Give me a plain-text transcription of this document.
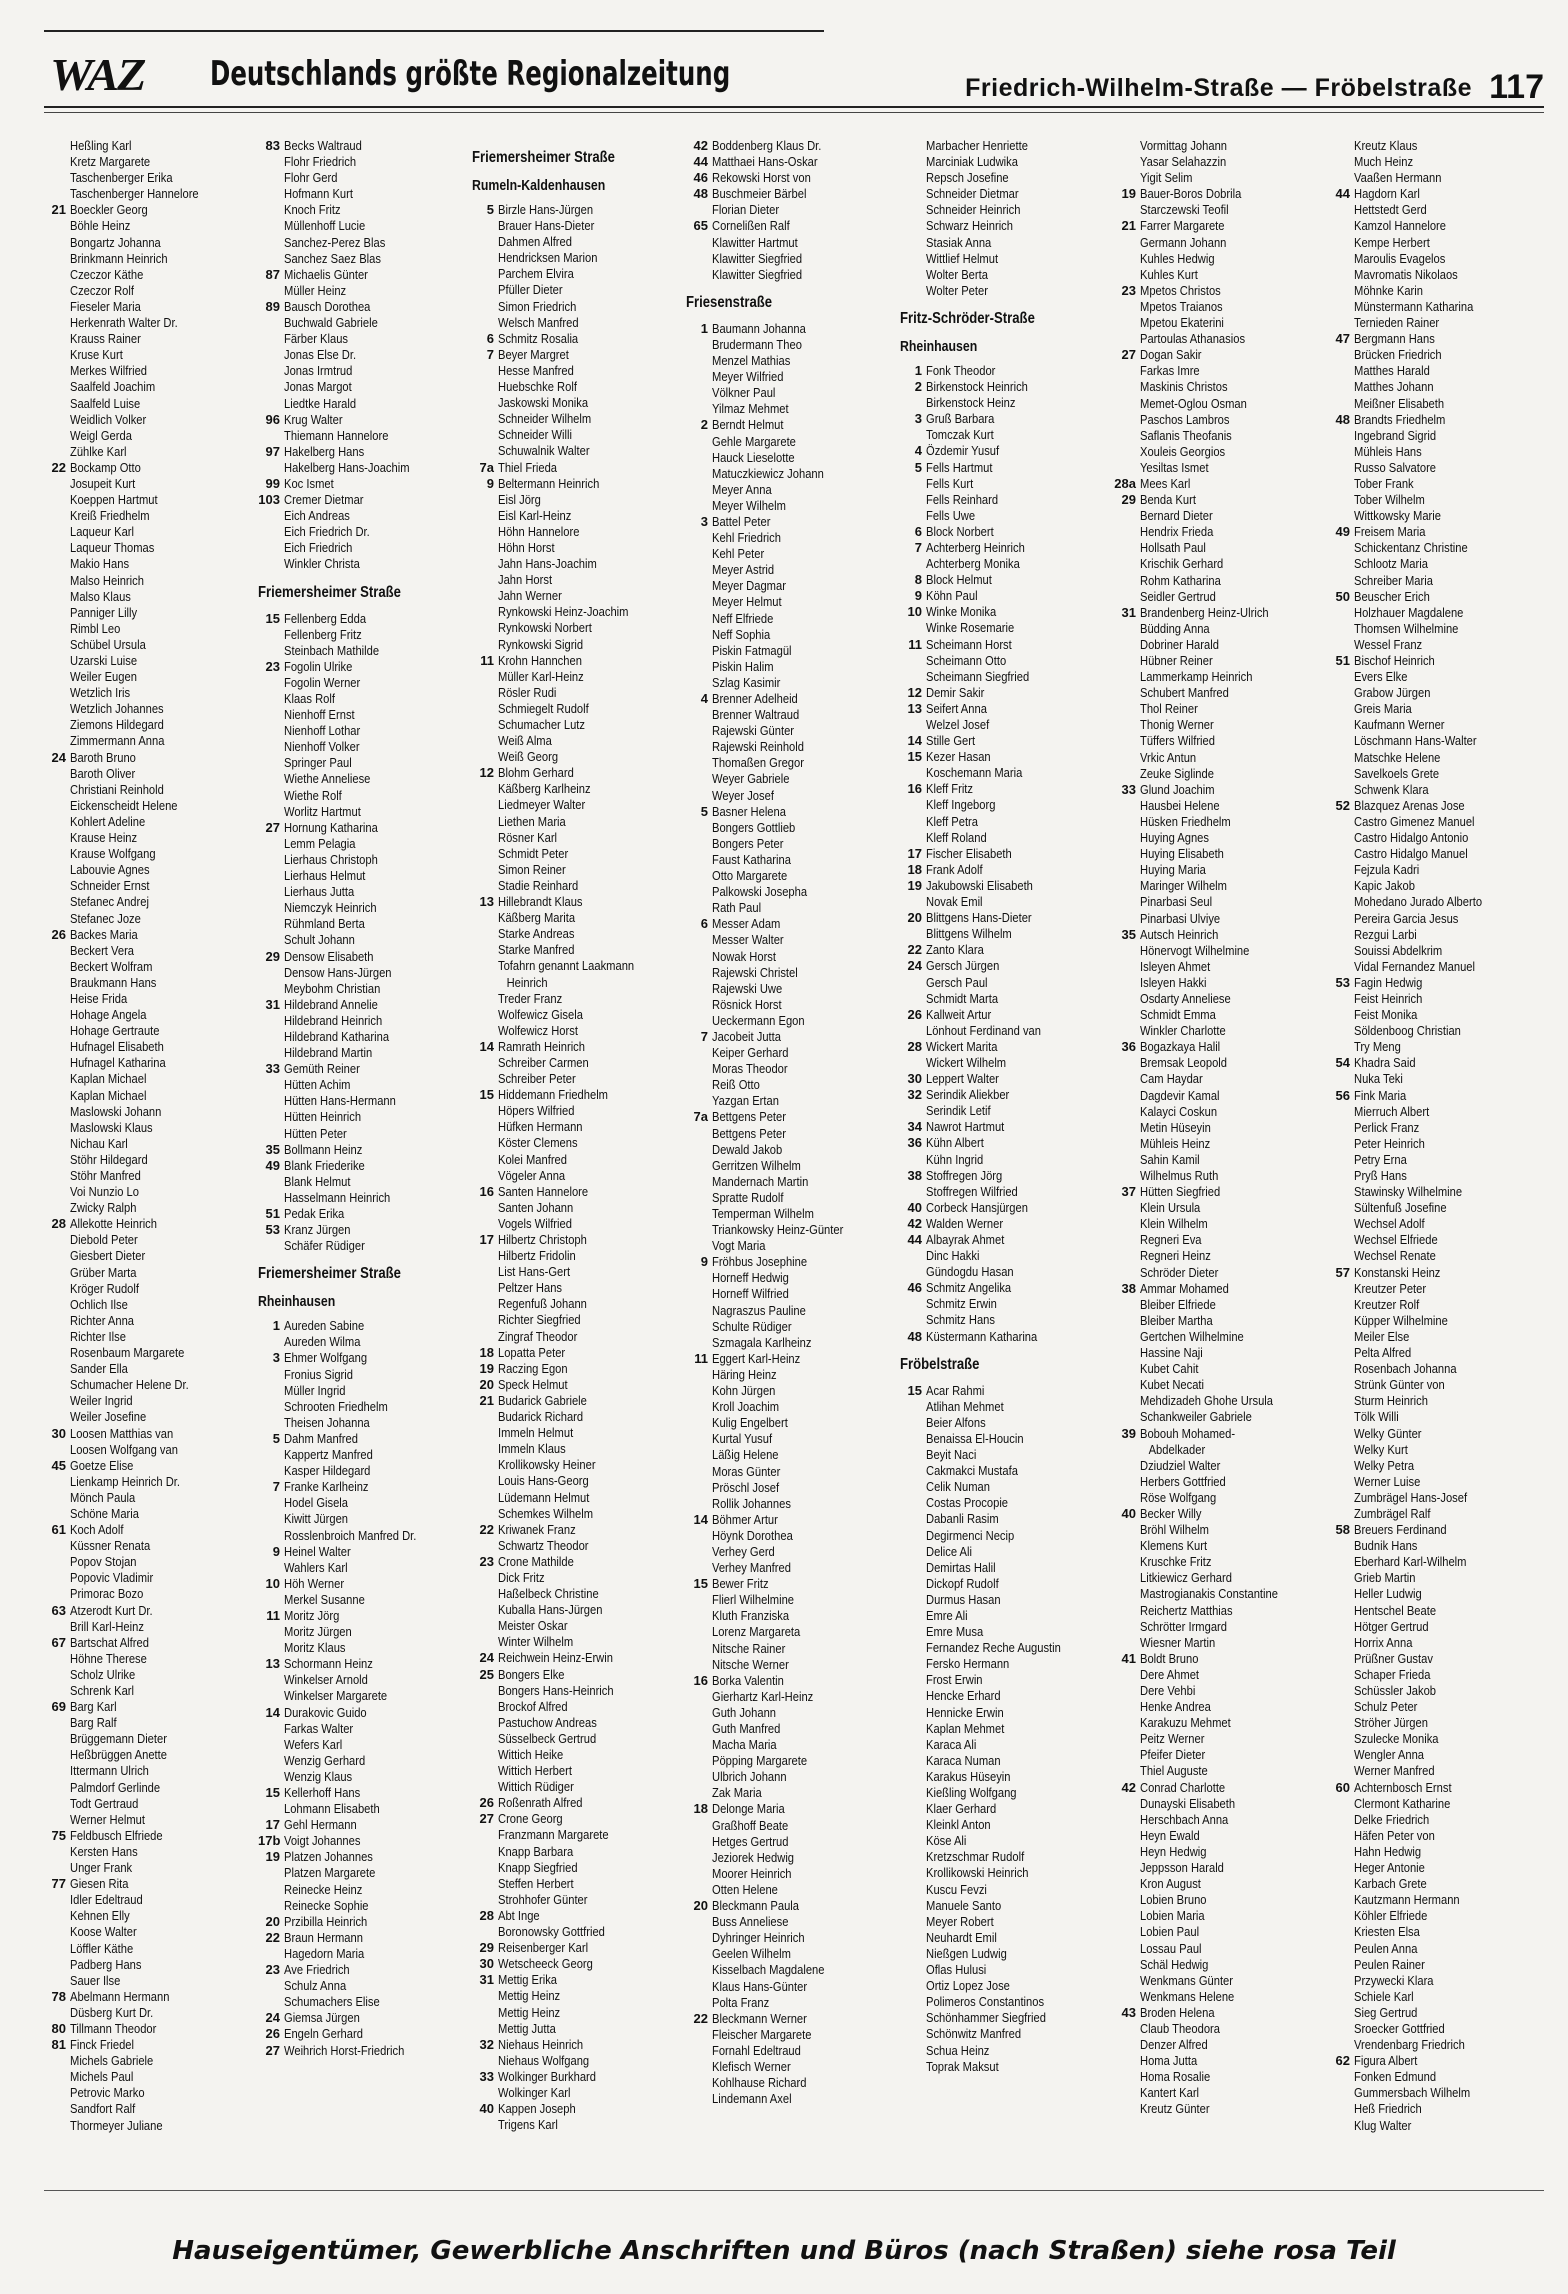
WAZ Deutschlands größte Regionalzeitung	Friedrich-Wilhelm-Straße — Fröbelstraße 117
Heßling Karl
Kretz Margarete
Taschenberger Erika
Taschenberger Hannelore
21 Boeckler Georg
Böhle Heinz
Bongartz Johanna
Brinkmann Heinrich
Czeczor Käthe
Czeczor Rolf
Fieseler Maria
Herkenrath Walter Dr.
Krauss Rainer
Kruse Kurt
Merkes Wilfried
Saalfeld Joachim
Saalfeld Luise
Weidlich Volker
Weigl Gerda
Zühlke Karl
22 Bockamp Otto
Josupeit Kurt
Koeppen Hartmut
Kreiß Friedhelm
Laqueur Karl
Laqueur Thomas
Makio Hans
Malso Heinrich
Malso Klaus
Panniger Lilly
Rimbl Leo
Schübel Ursula
Uzarski Luise
Weiler Eugen
Wetzlich Iris
Wetzlich Johannes
Ziemons Hildegard
Zimmermann Anna
24 Baroth Bruno
Baroth Oliver
Christiani Reinhold
Eickenscheidt Helene
Kohlert Adeline
Krause Heinz
Krause Wolfgang
Labouvie Agnes
Schneider Ernst
Stefanec Andrej
Stefanec Joze
26 Backes Maria
Beckert Vera
Beckert Wolfram
Braukmann Hans
Heise Frida
Hohage Angela
Hohage Gertraute
Hufnagel Elisabeth
Hufnagel Katharina
Kaplan Michael
Kaplan Michael
Maslowski Johann
Maslowski Klaus
Nichau Karl
Stöhr Hildegard
Stöhr Manfred
Voi Nunzio Lo
Zwicky Ralph
28 Allekotte Heinrich
Diebold Peter
Giesbert Dieter
Grüber Marta
Kröger Rudolf
Ochlich Ilse
Richter Anna
Richter Ilse
Rosenbaum Margarete
Sander Ella
Schumacher Helene Dr.
Weiler Ingrid
Weiler Josefine
30 Loosen Matthias van
Loosen Wolfgang van
45 Goetze Elise
Lienkamp Heinrich Dr.
Mönch Paula
Schöne Maria
61 Koch Adolf
Küssner Renata
Popov Stojan
Popovic Vladimir
Primorac Bozo
63 Atzerodt Kurt Dr.
Brill Karl-Heinz
67 Bartschat Alfred
Höhne Therese
Scholz Ulrike
Schrenk Karl
69 Barg Karl
Barg Ralf
Brüggemann Dieter
Heßbrüggen Anette
Ittermann Ulrich
Palmdorf Gerlinde
Todt Gertraud
Werner Helmut
75 Feldbusch Elfriede
Kersten Hans
Unger Frank
77 Giesen Rita
Idler Edeltraud
Kehnen Elly
Koose Walter
Löffler Käthe
Padberg Hans
Sauer Ilse
78 Abelmann Hermann
Düsberg Kurt Dr.
80 Tillmann Theodor
81 Finck Friedel
Michels Gabriele
Michels Paul
Petrovic Marko
Sandfort Ralf
Thormeyer Juliane
83 Becks Waltraud
Flohr Friedrich
Flohr Gerd
Hofmann Kurt
Knoch Fritz
Müllenhoff Lucie
Sanchez-Perez Blas
Sanchez Saez Blas
87 Michaelis Günter
Müller Heinz
89 Bausch Dorothea
Buchwald Gabriele
Färber Klaus
Jonas Else Dr.
Jonas Irmtrud
Jonas Margot
Liedtke Harald
96 Krug Walter
Thiemann Hannelore
97 Hakelberg Hans
Hakelberg Hans-Joachim
99 Koc Ismet
103 Cremer Dietmar
Eich Andreas
Eich Friedrich Dr.
Eich Friedrich
Winkler Christa
Friemersheimer Straße
15 Fellenberg Edda
Fellenberg Fritz
Steinbach Mathilde
23 Fogolin Ulrike
Fogolin Werner
Klaas Rolf
Nienhoff Ernst
Nienhoff Lothar
Nienhoff Volker
Springer Paul
Wiethe Anneliese
Wiethe Rolf
Worlitz Hartmut
27 Hornung Katharina
Lemm Pelagia
Lierhaus Christoph
Lierhaus Helmut
Lierhaus Jutta
Niemczyk Heinrich
Rühmland Berta
Schult Johann
29 Densow Elisabeth
Densow Hans-Jürgen
Meybohm Christian
31 Hildebrand Annelie
Hildebrand Heinrich
Hildebrand Katharina
Hildebrand Martin
33 Gemüth Reiner
Hütten Achim
Hütten Hans-Hermann
Hütten Heinrich
Hütten Peter
35 Bollmann Heinz
49 Blank Friederike
Blank Helmut
Hasselmann Heinrich
51 Pedak Erika
53 Kranz Jürgen
Schäfer Rüdiger
Friemersheimer Straße
Rheinhausen
1 Aureden Sabine
Aureden Wilma
3 Ehmer Wolfgang
Fronius Sigrid
Müller Ingrid
Schrooten Friedhelm
Theisen Johanna
5 Dahm Manfred
Kappertz Manfred
Kasper Hildegard
7 Franke Karlheinz
Hodel Gisela
Kiwitt Jürgen
Rosslenbroich Manfred Dr.
9 Heinel Walter
Wahlers Karl
10 Höh Werner
Merkel Susanne
11 Moritz Jörg
Moritz Jürgen
Moritz Klaus
13 Schormann Heinz
Winkelser Arnold
Winkelser Margarete
14 Durakovic Guido
Farkas Walter
Wefers Karl
Wenzig Gerhard
Wenzig Klaus
15 Kellerhoff Hans
Lohmann Elisabeth
17 Gehl Hermann
17b Voigt Johannes
19 Platzen Johannes
Platzen Margarete
Reinecke Heinz
Reinecke Sophie
20 Przibilla Heinrich
22 Braun Hermann
Hagedorn Maria
23 Ave Friedrich
Schulz Anna
Schumachers Elise
24 Giemsa Jürgen
26 Engeln Gerhard
27 Weihrich Horst-Friedrich
Friemersheimer Straße
Rumeln-Kaldenhausen
5 Birzle Hans-Jürgen
Brauer Hans-Dieter
Dahmen Alfred
Hendricksen Marion
Parchem Elvira
Pfüller Dieter
Simon Friedrich
Welsch Manfred
6 Schmitz Rosalia
7 Beyer Margret
Hesse Manfred
Huebschke Rolf
Jaskowski Monika
Schneider Wilhelm
Schneider Willi
Schuwalnik Walter
7a Thiel Frieda
9 Beltermann Heinrich
Eisl Jörg
Eisl Karl-Heinz
Höhn Hannelore
Höhn Horst
Jahn Hans-Joachim
Jahn Horst
Jahn Werner
Rynkowski Heinz-Joachim
Rynkowski Norbert
Rynkowski Sigrid
11 Krohn Hannchen
Müller Karl-Heinz
Rösler Rudi
Schmiegelt Rudolf
Schumacher Lutz
Weiß Alma
Weiß Georg
12 Blohm Gerhard
Käßberg Karlheinz
Liedmeyer Walter
Liethen Maria
Rösner Karl
Schmidt Peter
Simon Reiner
Stadie Reinhard
13 Hillebrandt Klaus
Käßberg Marita
Starke Andreas
Starke Manfred
Tofahrn genannt Laakmann
Heinrich
Treder Franz
Wolfewicz Gisela
Wolfewicz Horst
14 Ramrath Heinrich
Schreiber Carmen
Schreiber Peter
15 Hiddemann Friedhelm
Höpers Wilfried
Hüfken Hermann
Köster Clemens
Kolei Manfred
Vögeler Anna
16 Santen Hannelore
Santen Johann
Vogels Wilfried
17 Hilbertz Christoph
Hilbertz Fridolin
List Hans-Gert
Peltzer Hans
Regenfuß Johann
Richter Siegfried
Zingraf Theodor
18 Lopatta Peter
19 Raczing Egon
20 Speck Helmut
21 Budarick Gabriele
Budarick Richard
Immeln Helmut
Immeln Klaus
Krollikowsky Heiner
Louis Hans-Georg
Lüdemann Helmut
Schemkes Wilhelm
22 Kriwanek Franz
Schwartz Theodor
23 Crone Mathilde
Dick Fritz
Haßelbeck Christine
Kuballa Hans-Jürgen
Meister Oskar
Winter Wilhelm
24 Reichwein Heinz-Erwin
25 Bongers Elke
Bongers Hans-Heinrich
Brockof Alfred
Pastuchow Andreas
Süsselbeck Gertrud
Wittich Heike
Wittich Herbert
Wittich Rüdiger
26 Roßenrath Alfred
27 Crone Georg
Franzmann Margarete
Knapp Barbara
Knapp Siegfried
Steffen Herbert
Strohhofer Günter
28 Abt Inge
Boronowsky Gottfried
29 Reisenberger Karl
30 Wetscheeck Georg
31 Mettig Erika
Mettig Heinz
Mettig Heinz
Mettig Jutta
32 Niehaus Heinrich
Niehaus Wolfgang
33 Wolkinger Burkhard
Wolkinger Karl
40 Kappen Joseph
Trigens Karl
42 Boddenberg Klaus Dr.
44 Matthaei Hans-Oskar
46 Rekowski Horst von
48 Buschmeier Bärbel
Florian Dieter
65 Cornelißen Ralf
Klawitter Hartmut
Klawitter Siegfried
Klawitter Siegfried
Friesenstraße
1 Baumann Johanna
Brudermann Theo
Menzel Mathias
Meyer Wilfried
Völkner Paul
Yilmaz Mehmet
2 Berndt Helmut
Gehle Margarete
Hauck Lieselotte
Matuczkiewicz Johann
Meyer Anna
Meyer Wilhelm
3 Battel Peter
Kehl Friedrich
Kehl Peter
Meyer Astrid
Meyer Dagmar
Meyer Helmut
Neff Elfriede
Neff Sophia
Piskin Fatmagül
Piskin Halim
Szlag Kasimir
4 Brenner Adelheid
Brenner Waltraud
Rajewski Günter
Rajewski Reinhold
Thomaßen Gregor
Weyer Gabriele
Weyer Josef
5 Basner Helena
Bongers Gottlieb
Bongers Peter
Faust Katharina
Otto Margarete
Palkowski Josepha
Rath Paul
6 Messer Adam
Messer Walter
Nowak Horst
Rajewski Christel
Rajewski Uwe
Rösnick Horst
Ueckermann Egon
7 Jacobeit Jutta
Keiper Gerhard
Moras Theodor
Reiß Otto
Yazgan Ertan
7a Bettgens Peter
Bettgens Peter
Dewald Jakob
Gerritzen Wilhelm
Mandernach Martin
Spratte Rudolf
Temperman Wilhelm
Triankowsky Heinz-Günter
Vogt Maria
9 Fröhbus Josephine
Horneff Hedwig
Horneff Wilfried
Nagraszus Pauline
Schulte Rüdiger
Szmagala Karlheinz
11 Eggert Karl-Heinz
Häring Heinz
Kohn Jürgen
Kroll Joachim
Kulig Engelbert
Kurtal Yusuf
Läßig Helene
Moras Günter
Pröschl Josef
Rollik Johannes
14 Böhmer Artur
Höynk Dorothea
Verhey Gerd
Verhey Manfred
15 Bewer Fritz
Flierl Wilhelmine
Kluth Franziska
Lorenz Margareta
Nitsche Rainer
Nitsche Werner
16 Borka Valentin
Gierhartz Karl-Heinz
Guth Johann
Guth Manfred
Macha Maria
Pöpping Margarete
Ulbrich Johann
Zak Maria
18 Delonge Maria
Graßhoff Beate
Hetges Gertrud
Jeziorek Hedwig
Moorer Heinrich
Otten Helene
20 Bleckmann Paula
Buss Anneliese
Dyhringer Heinrich
Geelen Wilhelm
Kisselbach Magdalene
Klaus Hans-Günter
Polta Franz
22 Bleckmann Werner
Fleischer Margarete
Fornahl Edeltraud
Klefisch Werner
Kohlhause Richard
Lindemann Axel
Marbacher Henriette
Marciniak Ludwika
Repsch Josefine
Schneider Dietmar
Schneider Heinrich
Schwarz Heinrich
Stasiak Anna
Wittlief Helmut
Wolter Berta
Wolter Peter
Fritz-Schröder-Straße
Rheinhausen
1 Fonk Theodor
2 Birkenstock Heinrich
Birkenstock Heinz
3 Gruß Barbara
Tomczak Kurt
4 Özdemir Yusuf
5 Fells Hartmut
Fells Kurt
Fells Reinhard
Fells Uwe
6 Block Norbert
7 Achterberg Heinrich
Achterberg Monika
8 Block Helmut
9 Köhn Paul
10 Winke Monika
Winke Rosemarie
11 Scheimann Horst
Scheimann Otto
Scheimann Siegfried
12 Demir Sakir
13 Seifert Anna
Welzel Josef
14 Stille Gert
15 Kezer Hasan
Koschemann Maria
16 Kleff Fritz
Kleff Ingeborg
Kleff Petra
Kleff Roland
17 Fischer Elisabeth
18 Frank Adolf
19 Jakubowski Elisabeth
Novak Emil
20 Blittgens Hans-Dieter
Blittgens Wilhelm
22 Zanto Klara
24 Gersch Jürgen
Gersch Paul
Schmidt Marta
26 Kallweit Artur
Lönhout Ferdinand van
28 Wickert Marita
Wickert Wilhelm
30 Leppert Walter
32 Serindik Aliekber
Serindik Letif
34 Nawrot Hartmut
36 Kühn Albert
Kühn Ingrid
38 Stoffregen Jörg
Stoffregen Wilfried
40 Corbeck Hansjürgen
42 Walden Werner
44 Albayrak Ahmet
Dinc Hakki
Gündogdu Hasan
46 Schmitz Angelika
Schmitz Erwin
Schmitz Hans
48 Küstermann Katharina
Fröbelstraße
15 Acar Rahmi
Atlihan Mehmet
Beier Alfons
Benaissa El-Houcin
Beyit Naci
Cakmakci Mustafa
Celik Numan
Costas Procopie
Dabanli Rasim
Degirmenci Necip
Delice Ali
Demirtas Halil
Dickopf Rudolf
Durmus Hasan
Emre Ali
Emre Musa
Fernandez Reche Augustin
Fersko Hermann
Frost Erwin
Hencke Erhard
Hennicke Erwin
Kaplan Mehmet
Karaca Ali
Karaca Numan
Karakus Hüseyin
Kießling Wolfgang
Klaer Gerhard
Kleinkl Anton
Köse Ali
Kretzschmar Rudolf
Krollikowski Heinrich
Kuscu Fevzi
Manuele Santo
Meyer Robert
Neuhardt Emil
Nießgen Ludwig
Oflas Hulusi
Ortiz Lopez Jose
Polimeros Constantinos
Schönhammer Siegfried
Schönwitz Manfred
Schua Heinz
Toprak Maksut
Vormittag Johann
Yasar Selahazzin
Yigit Selim
19 Bauer-Boros Dobrila
Starczewski Teofil
21 Farrer Margarete
Germann Johann
Kuhles Hedwig
Kuhles Kurt
23 Mpetos Christos
Mpetos Traianos
Mpetou Ekaterini
Partoulas Athanasios
27 Dogan Sakir
Farkas Imre
Maskinis Christos
Memet-Oglou Osman
Paschos Lambros
Saflanis Theofanis
Xouleis Georgios
Yesiltas Ismet
28a Mees Karl
29 Benda Kurt
Bernard Dieter
Hendrix Frieda
Hollsath Paul
Krischik Gerhard
Rohm Katharina
Seidler Gertrud
31 Brandenberg Heinz-Ulrich
Büdding Anna
Dobriner Harald
Hübner Reiner
Lammerkamp Heinrich
Schubert Manfred
Thol Reiner
Thonig Werner
Tüffers Wilfried
Vrkic Antun
Zeuke Siglinde
33 Glund Joachim
Hausbei Helene
Hüsken Friedhelm
Huying Agnes
Huying Elisabeth
Huying Maria
Maringer Wilhelm
Pinarbasi Seul
Pinarbasi Ulviye
35 Autsch Heinrich
Hönervogt Wilhelmine
Isleyen Ahmet
Isleyen Hakki
Osdarty Anneliese
Schmidt Emma
Winkler Charlotte
36 Bogazkaya Halil
Bremsak Leopold
Cam Haydar
Dagdevir Kamal
Kalayci Coskun
Metin Hüseyin
Mühleis Heinz
Sahin Kamil
Wilhelmus Ruth
37 Hütten Siegfried
Klein Ursula
Klein Wilhelm
Regneri Eva
Regneri Heinz
Schröder Dieter
38 Ammar Mohamed
Bleiber Elfriede
Bleiber Martha
Gertchen Wilhelmine
Hassine Naji
Kubet Cahit
Kubet Necati
Mehdizadeh Ghohe Ursula
Schankweiler Gabriele
39 Bobouh Mohamed-
Abdelkader
Dziudziel Walter
Herbers Gottfried
Röse Wolfgang
40 Becker Willy
Bröhl Wilhelm
Klemens Kurt
Kruschke Fritz
Litkiewicz Gerhard
Mastrogianakis Constantine
Reichertz Matthias
Schrötter Irmgard
Wiesner Martin
41 Boldt Bruno
Dere Ahmet
Dere Vehbi
Henke Andrea
Karakuzu Mehmet
Peitz Werner
Pfeifer Dieter
Thiel Auguste
42 Conrad Charlotte
Dunayski Elisabeth
Herschbach Anna
Heyn Ewald
Heyn Hedwig
Jeppsson Harald
Kron August
Lobien Bruno
Lobien Maria
Lobien Paul
Lossau Paul
Schäl Hedwig
Wenkmans Günter
Wenkmans Helene
43 Broden Helena
Claub Theodora
Denzer Alfred
Homa Jutta
Homa Rosalie
Kantert Karl
Kreutz Günter
Kreutz Klaus
Much Heinz
Vaaßen Hermann
44 Hagdorn Karl
Hettstedt Gerd
Kamzol Hannelore
Kempe Herbert
Maroulis Evagelos
Mavromatis Nikolaos
Möhnke Karin
Münstermann Katharina
Ternieden Rainer
47 Bergmann Hans
Brücken Friedrich
Matthes Harald
Matthes Johann
Meißner Elisabeth
48 Brandts Friedhelm
Ingebrand Sigrid
Mühleis Hans
Russo Salvatore
Tober Frank
Tober Wilhelm
Wittkowsky Marie
49 Freisem Maria
Schickentanz Christine
Schlootz Maria
Schreiber Maria
50 Beuscher Erich
Holzhauer Magdalene
Thomsen Wilhelmine
Wessel Franz
51 Bischof Heinrich
Evers Elke
Grabow Jürgen
Greis Maria
Kaufmann Werner
Löschmann Hans-Walter
Matschke Helene
Savelkoels Grete
Schwenk Klara
52 Blazquez Arenas Jose
Castro Gimenez Manuel
Castro Hidalgo Antonio
Castro Hidalgo Manuel
Fejzula Kadri
Kapic Jakob
Mohedano Jurado Alberto
Pereira Garcia Jesus
Rezgui Larbi
Souissi Abdelkrim
Vidal Fernandez Manuel
53 Fagin Hedwig
Feist Heinrich
Feist Monika
Söldenboog Christian
Try Meng
54 Khadra Said
Nuka Teki
56 Fink Maria
Mierruch Albert
Perlick Franz
Peter Heinrich
Petry Erna
Pryß Hans
Stawinsky Wilhelmine
Sültenfuß Josefine
Wechsel Adolf
Wechsel Elfriede
Wechsel Renate
57 Konstanski Heinz
Kreutzer Peter
Kreutzer Rolf
Küpper Wilhelmine
Meiler Else
Pelta Alfred
Rosenbach Johanna
Strünk Günter von
Sturm Heinrich
Tölk Willi
Welky Günter
Welky Kurt
Welky Petra
Werner Luise
Zumbrägel Hans-Josef
Zumbrägel Ralf
58 Breuers Ferdinand
Budnik Hans
Eberhard Karl-Wilhelm
Grieb Martin
Heller Ludwig
Hentschel Beate
Hötger Gertrud
Horrix Anna
Prüßner Gustav
Schaper Frieda
Schüssler Jakob
Schulz Peter
Ströher Jürgen
Szulecke Monika
Wengler Anna
Werner Manfred
60 Achternbosch Ernst
Clermont Katharine
Delke Friedrich
Häfen Peter von
Hahn Hedwig
Heger Antonie
Karbach Grete
Kautzmann Hermann
Köhler Elfriede
Kriesten Elsa
Peulen Anna
Peulen Rainer
Przywecki Klara
Schiele Karl
Sieg Gertrud
Sroecker Gottfried
Vrendenbarg Friedrich
62 Figura Albert
Fonken Edmund
Gummersbach Wilhelm
Heß Friedrich
Klug Walter
Hauseigentümer, Gewerbliche Anschriften und Büros (nach Straßen) siehe rosa Teil
